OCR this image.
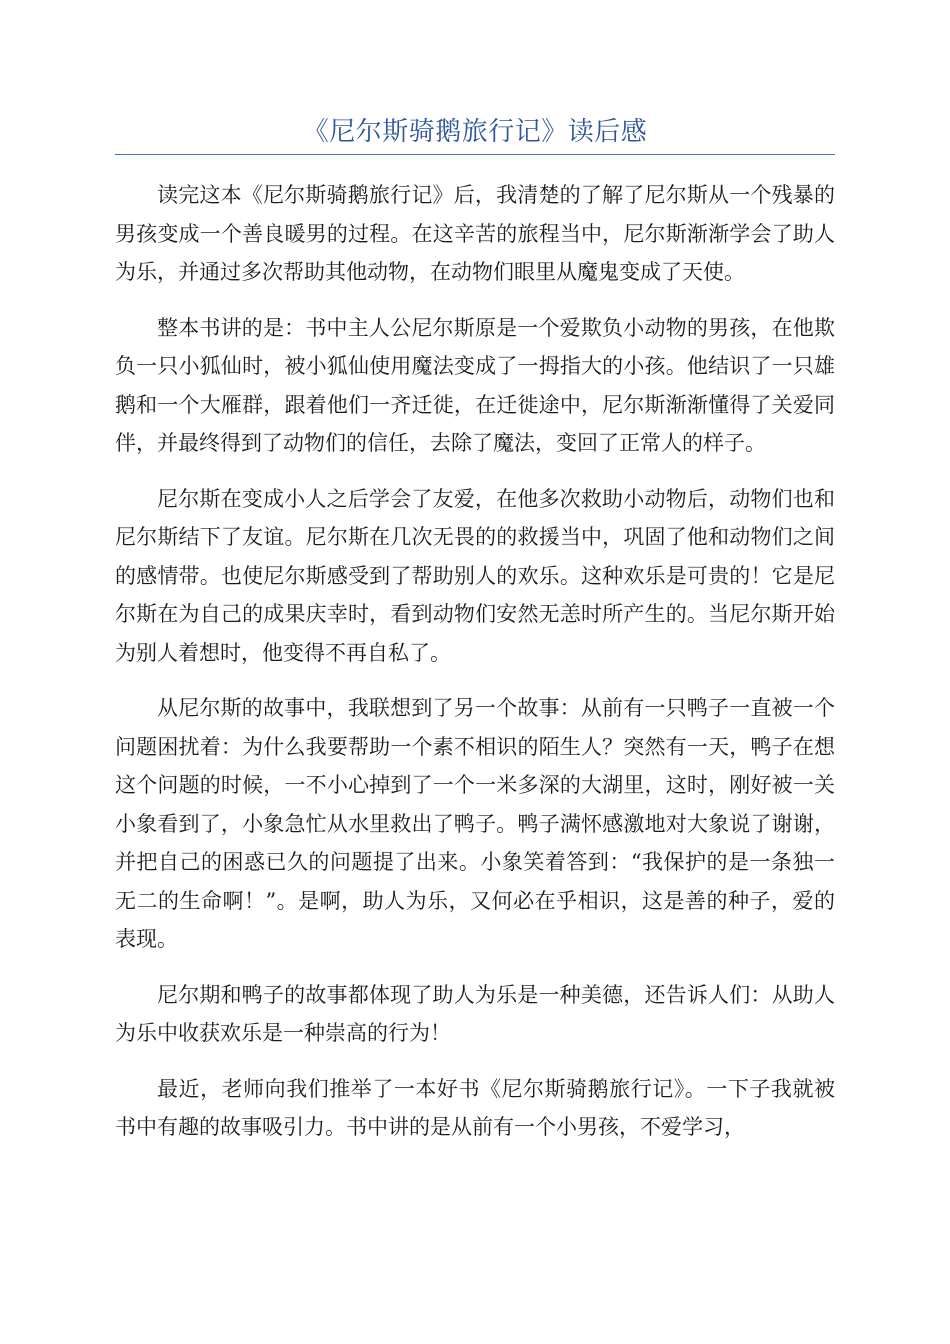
《尼尔斯骑鹅旅行记》读后感

读完这本《尼尔斯骑鹅旅行记》后，我清楚的了解了尼尔斯从一个残暴的男孩变成一个善良暖男的过程。在这辛苦的旅程当中，尼尔斯渐渐学会了助人为乐，并通过多次帮助其他动物，在动物们眼里从魔鬼变成了天使。

整本书讲的是：书中主人公尼尔斯原是一个爱欺负小动物的男孩，在他欺负一只小狐仙时，被小狐仙使用魔法变成了一拇指大的小孩。他结识了一只雄鹅和一个大雁群，跟着他们一齐迁徙，在迁徙途中，尼尔斯渐渐懂得了关爱同伴，并最终得到了动物们的信任，去除了魔法，变回了正常人的样子。

尼尔斯在变成小人之后学会了友爱，在他多次救助小动物后，动物们也和尼尔斯结下了友谊。尼尔斯在几次无畏的的救援当中，巩固了他和动物们之间的感情带。也使尼尔斯感受到了帮助别人的欢乐。这种欢乐是可贵的！它是尼尔斯在为自己的成果庆幸时，看到动物们安然无恙时所产生的。当尼尔斯开始为别人着想时，他变得不再自私了。

从尼尔斯的故事中，我联想到了另一个故事：从前有一只鸭子一直被一个问题困扰着：为什么我要帮助一个素不相识的陌生人？突然有一天，鸭子在想这个问题的时候，一不小心掉到了一个一米多深的大湖里，这时，刚好被一关小象看到了，小象急忙从水里救出了鸭子。鸭子满怀感激地对大象说了谢谢，并把自己的困惑已久的问题提了出来。小象笑着答到：“我保护的是一条独一无二的生命啊！”。是啊，助人为乐，又何必在乎相识，这是善的种子，爱的表现。

尼尔期和鸭子的故事都体现了助人为乐是一种美德，还告诉人们：从助人为乐中收获欢乐是一种崇高的行为！

最近，老师向我们推举了一本好书《尼尔斯骑鹅旅行记》。一下子我就被书中有趣的故事吸引力。书中讲的是从前有一个小男孩，不爱学习，
